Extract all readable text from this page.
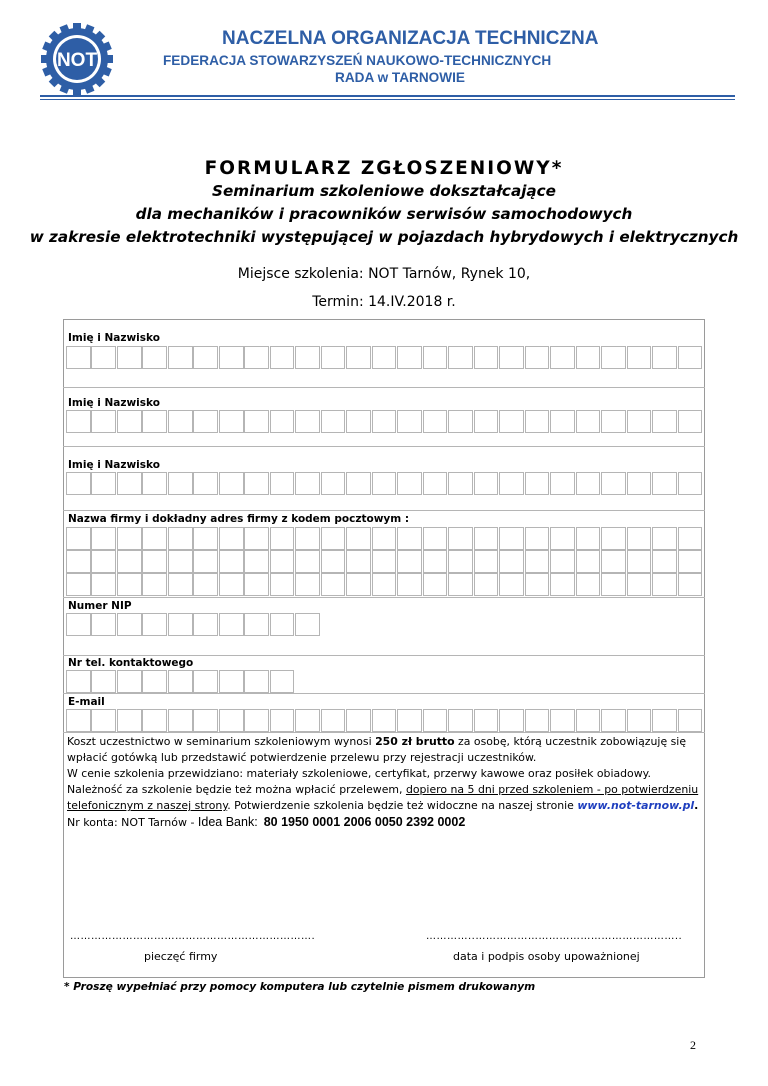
NOT
NACZELNA ORGANIZACJA TECHNICZNA
FEDERACJA STOWARZYSZEŃ NAUKOWO-TECHNICZNYCH
RADA w TARNOWIE
FORMULARZ ZGŁOSZENIOWY*
Seminarium szkoleniowe dokształcające
dla mechaników i pracowników serwisów samochodowych
w zakresie elektrotechniki występującej w pojazdach hybrydowych i elektrycznych
Miejsce szkolenia: NOT Tarnów, Rynek 10,
Termin: 14.IV.2018 r.
Imię i Nazwisko
Imię i Nazwisko
Imię i Nazwisko
Nazwa firmy i dokładny adres firmy z kodem pocztowym :
Numer NIP
Nr tel. kontaktowego
E-mail
Koszt uczestnictwo w seminarium szkoleniowym wynosi 250 zł brutto za osobę, którą uczestnik zobowiązuję się wpłacić gotówką lub przedstawić potwierdzenie przelewu przy rejestracji uczestników.
W cenie szkolenia przewidziano: materiały szkoleniowe, certyfikat, przerwy kawowe oraz posiłek obiadowy.
Należność za szkolenie będzie też można wpłacić przelewem, dopiero na 5 dni przed szkoleniem - po potwierdzeniu telefonicznym z naszej strony. Potwierdzenie szkolenia będzie też widoczne na naszej stronie www.not-tarnow.pl.
Nr konta: NOT Tarnów - Idea Bank: 80 1950 0001 2006 0050 2392 0002
…………………………………………………………….	…………..…………………………………………………..
pieczęć firmy	data i podpis osoby upoważnionej
* Proszę wypełniać przy pomocy komputera lub czytelnie pismem drukowanym
2
